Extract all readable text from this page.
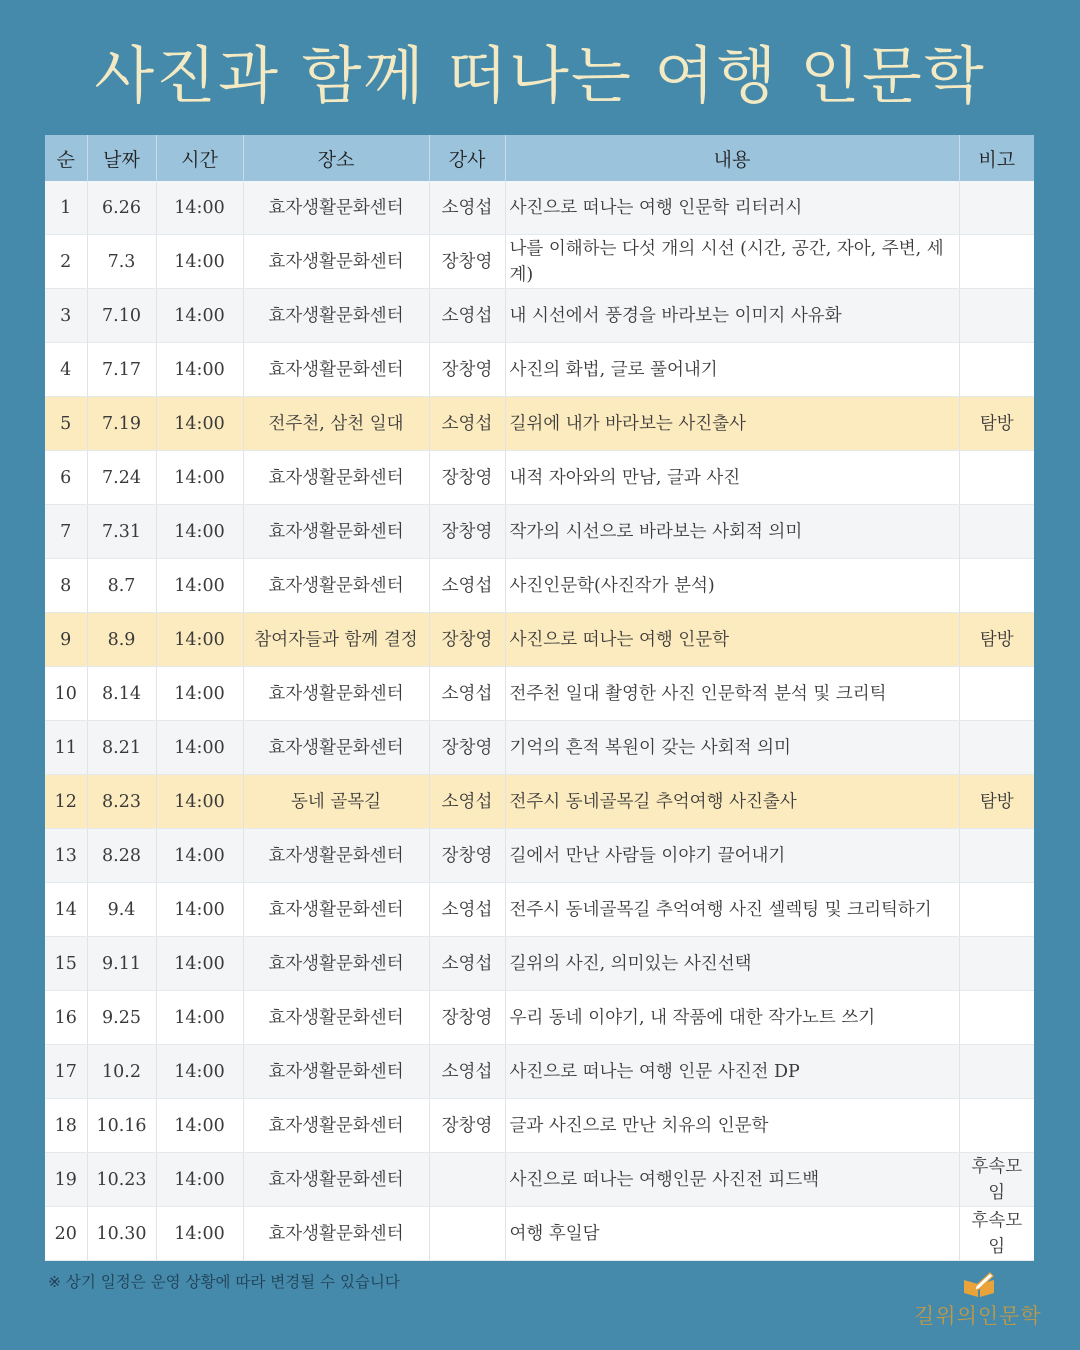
사진과 함께 떠나는 여행 인문학
순	날짜	시간	장소	강사	내용	비고
1	6.26	14:00	효자생활문화센터	소영섭	사진으로 떠나는 여행 인문학 리터러시	
2	7.3	14:00	효자생활문화센터	장창영	나를 이해하는 다섯 개의 시선 (시간, 공간, 자아, 주변, 세계)	
3	7.10	14:00	효자생활문화센터	소영섭	내 시선에서 풍경을 바라보는 이미지 사유화	
4	7.17	14:00	효자생활문화센터	장창영	사진의 화법, 글로 풀어내기	
5	7.19	14:00	전주천, 삼천 일대	소영섭	길위에 내가 바라보는 사진출사	탐방
6	7.24	14:00	효자생활문화센터	장창영	내적 자아와의 만남, 글과 사진	
7	7.31	14:00	효자생활문화센터	장창영	작가의 시선으로 바라보는 사회적 의미	
8	8.7	14:00	효자생활문화센터	소영섭	사진인문학(사진작가 분석)	
9	8.9	14:00	참여자들과 함께 결정	장창영	사진으로 떠나는 여행 인문학	탐방
10	8.14	14:00	효자생활문화센터	소영섭	전주천 일대 촬영한 사진 인문학적 분석 및 크리틱	
11	8.21	14:00	효자생활문화센터	장창영	기억의 흔적 복원이 갖는 사회적 의미	
12	8.23	14:00	동네 골목길	소영섭	전주시 동네골목길 추억여행 사진출사	탐방
13	8.28	14:00	효자생활문화센터	장창영	길에서 만난 사람들 이야기 끌어내기	
14	9.4	14:00	효자생활문화센터	소영섭	전주시 동네골목길 추억여행 사진 셀렉팅 및 크리틱하기	
15	9.11	14:00	효자생활문화센터	소영섭	길위의 사진, 의미있는 사진선택	
16	9.25	14:00	효자생활문화센터	장창영	우리 동네 이야기, 내 작품에 대한 작가노트 쓰기	
17	10.2	14:00	효자생활문화센터	소영섭	사진으로 떠나는 여행 인문 사진전 DP	
18	10.16	14:00	효자생활문화센터	장창영	글과 사진으로 만난 치유의 인문학	
19	10.23	14:00	효자생활문화센터		사진으로 떠나는 여행인문 사진전 피드백	후속모임
20	10.30	14:00	효자생활문화센터		여행 후일담	후속모임
※ 상기 일정은 운영 상황에 따라 변경될 수 있습니다
길위의인문학
